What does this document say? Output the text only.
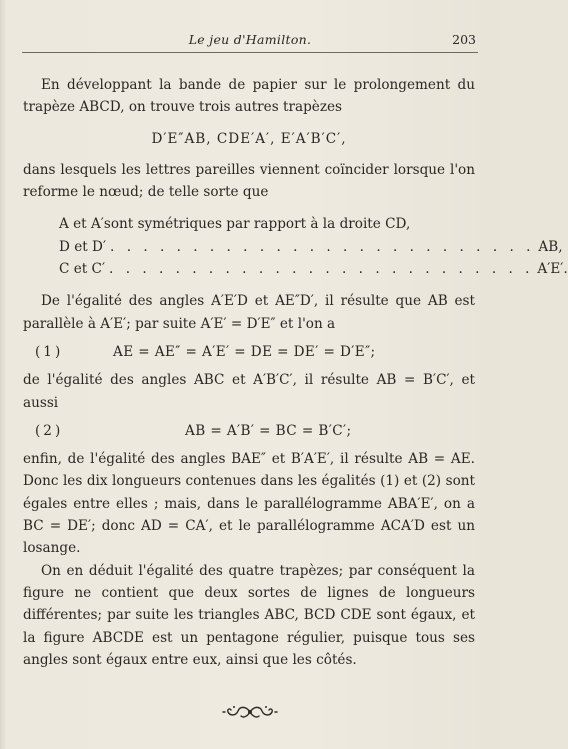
Le jeu d'Hamilton.	203

En développant la bande de papier sur le prolongement du trapèze ABCD, on trouve trois autres trapèzes

D′E″AB, CDE′A′, E′A′B′C′,

dans lesquels les lettres pareilles viennent coïncider lorsque l'on reforme le nœud; de telle sorte que

A et A′ sont symétriques par rapport à la droite CD,
D et D′ . . . . . . . . . . . . . . . . . . . . . . . . . . AB,
C et C′ . . . . . . . . . . . . . . . . . . . . . . . . . . A′E′.

De l'égalité des angles A′E′D et AE″D′, il résulte que AB est parallèle à A′E′; par suite A′E′ = D′E″ et l'on a

(1)	AE = AE″ = A′E′ = DE = DE′ = D′E″;

de l'égalité des angles ABC et A′B′C′, il résulte AB = B′C′, et aussi

(2)	AB = A′B′ = BC = B′C′;

enfin, de l'égalité des angles BAE″ et B′A′E′, il résulte AB = AE. Donc les dix longueurs contenues dans les égalités (1) et (2) sont égales entre elles ; mais, dans le parallélogramme ABA′E′, on a BC = DE′; donc AD = CA′, et le parallélogramme ACA′D est un losange.

On en déduit l'égalité des quatre trapèzes; par conséquent la figure ne contient que deux sortes de lignes de longueurs différentes; par suite les triangles ABC, BCD CDE sont égaux, et la figure ABCDE est un pentagone régulier, puisque tous ses angles sont égaux entre eux, ainsi que les côtés.
